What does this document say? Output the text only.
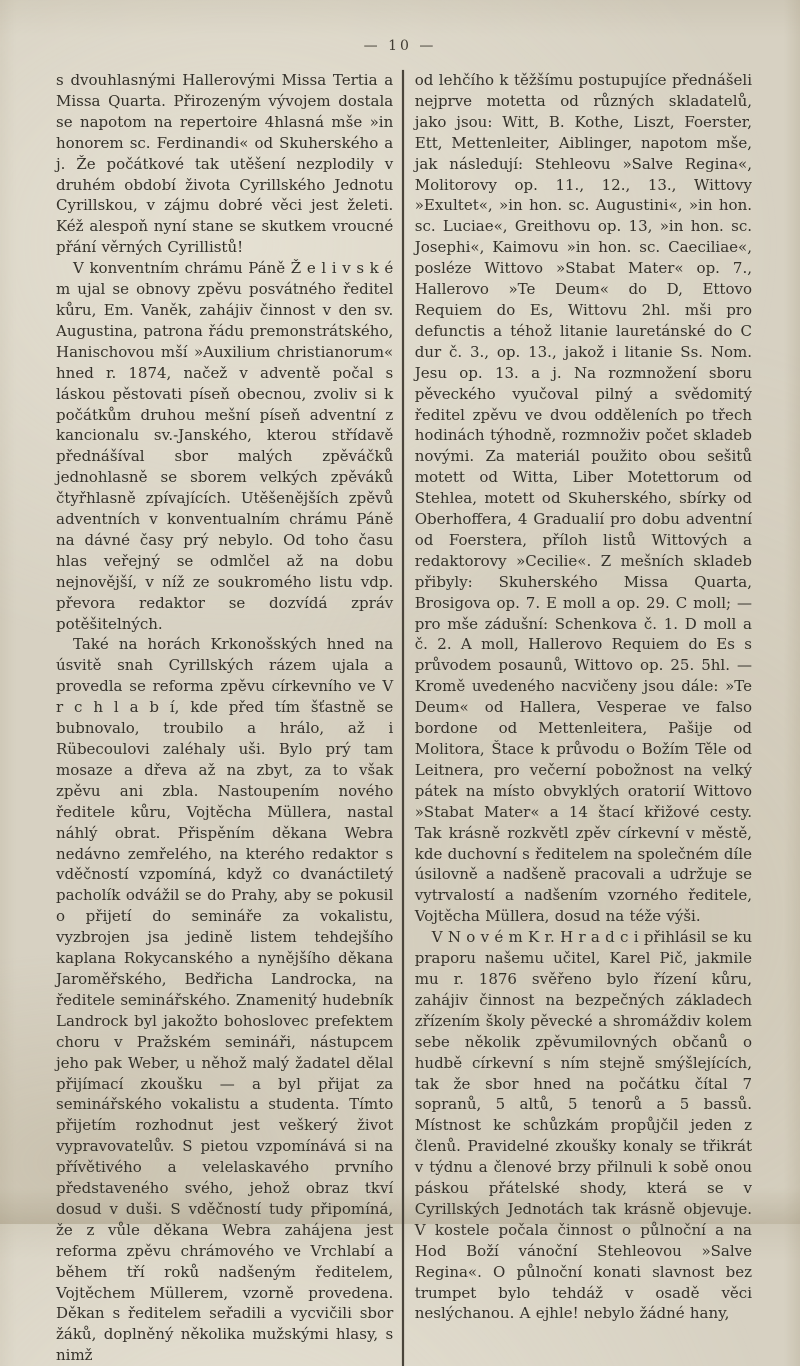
— 10 —

s dvouhlasnými Hallerovými Missa Tertia a Missa Quarta. Přirozeným vývojem dostala se napotom na repertoire 4hlasná mše »in honorem sc. Ferdinandi« od Skuherského a j. Že počátkové tak utěšení nezplodily v druhém období života Cyrillského Jednotu Cyrillskou, v zájmu dobré věci jest želeti. Kéž alespoň nyní stane se skutkem vroucné přání věrných Cyrillistů!

V konventním chrámu Páně Ž e l i v s k é m ujal se obnovy zpěvu posvátného ředitel kůru, Em. Vaněk, zahájiv činnost v den sv. Augustina, patrona řádu premonstrátského, Hanischovou mší »Auxilium christianorum« hned r. 1874, načež v adventě počal s láskou pěstovati píseň obecnou, zvoliv si k počátkům druhou mešní píseň adventní z kancionalu sv.-Janského, kterou střídavě přednášíval sbor malých zpěváčků jednohlasně se sborem velkých zpěváků čtyřhlasně zpívajících. Utěšenějších zpěvů adventních v konventualním chrámu Páně na dávné časy prý nebylo. Od toho času hlas veřejný se odmlčel až na dobu nejnovější, v níž ze soukromého listu vdp. převora redaktor se dozvídá zpráv potěšitelných.

Také na horách Krkonošských hned na úsvitě snah Cyrillských rázem ujala a provedla se reforma zpěvu církevního ve V r c h l a b í, kde před tím šťastně se bubnovalo, troubilo a hrálo, až i Rübecoulovi zaléhaly uši. Bylo prý tam mosaze a dřeva až na zbyt, za to však zpěvu ani zbla. Nastoupením nového ředitele kůru, Vojtěcha Müllera, nastal náhlý obrat. Přispěním děkana Webra nedávno zemřelého, na kterého redaktor s vděčností vzpomíná, když co dvanáctiletý pacholík odvážil se do Prahy, aby se pokusil o přijetí do semináře za vokalistu, vyzbrojen jsa jedině listem tehdejšího kaplana Rokycanského a nynějšího děkana Jaroměřského, Bedřicha Landrocka, na ředitele seminářského. Znamenitý hudebník Landrock byl jakožto bohoslovec prefektem choru v Pražském semináři, nástupcem jeho pak Weber, u něhož malý žadatel dělal přijímací zkoušku — a byl přijat za seminářského vokalistu a studenta. Tímto přijetím rozhodnut jest veškerý život vypravovatelův. S pietou vzpomínává si na přívětivého a velelaskavého prvního představeného svého, jehož obraz tkví dosud v duši. S vděčností tudy připomíná, že z vůle děkana Webra zahájena jest reforma zpěvu chrámového ve Vrchlabí a během tří roků nadšeným ředitelem, Vojtěchem Müllerem, vzorně provedena. Děkan s ředitelem seřadili a vycvičili sbor žáků, doplněný několika mužskými hlasy, s nimž

od lehčího k těžšímu postupujíce přednášeli nejprve motetta od různých skladatelů, jako jsou: Witt, B. Kothe, Liszt, Foerster, Ett, Mettenleiter, Aiblinger, napotom mše, jak následují: Stehleovu »Salve Regina«, Molitorovy op. 11., 12., 13., Wittovy »Exultet«, »in hon. sc. Augustini«, »in hon. sc. Luciae«, Greithovu op. 13, »in hon. sc. Josephi«, Kaimovu »in hon. sc. Caeciliae«, posléze Wittovo »Stabat Mater« op. 7., Hallerovo »Te Deum« do D, Ettovo Requiem do Es, Wittovu 2hl. mši pro defunctis a téhož litanie lauretánské do C dur č. 3., op. 13., jakož i litanie Ss. Nom. Jesu op. 13. a j. Na rozmnožení sboru pěveckého vyučoval pilný a svědomitý ředitel zpěvu ve dvou odděleních po třech hodinách týhodně, rozmnoživ počet skladeb novými. Za materiál použito obou sešitů motett od Witta, Liber Motettorum od Stehlea, motett od Skuherského, sbírky od Oberhoffera, 4 Gradualií pro dobu adventní od Foerstera, příloh listů Wittových a redaktorovy »Cecilie«. Z mešních skladeb přibyly: Skuherského Missa Quarta, Brosigova op. 7. E moll a op. 29. C moll; — pro mše zádušní: Schenkova č. 1. D moll a č. 2. A moll, Hallerovo Requiem do Es s průvodem posaunů, Wittovo op. 25. 5hl. — Kromě uvedeného nacvičeny jsou dále: »Te Deum« od Hallera, Vesperae ve falso bordone od Mettenleitera, Pašije od Molitora, Štace k průvodu o Božím Těle od Leitnera, pro večerní pobožnost na velký pátek na místo obvyklých oratorií Wittovo »Stabat Mater« a 14 štací křižové cesty. Tak krásně rozkvětl zpěv církevní v městě, kde duchovní s ředitelem na společném díle úsilovně a nadšeně pracovali a udržuje se vytrvalostí a nadšením vzorného ředitele, Vojtěcha Müllera, dosud na téže výši.

V N o v é m K r. H r a d c i přihlásil se ku praporu našemu učitel, Karel Pič, jakmile mu r. 1876 svěřeno bylo řízení kůru, zahájiv činnost na bezpečných základech zřízením školy pěvecké a shromáždiv kolem sebe několik zpěvumilovných občanů o hudbě církevní s ním stejně smýšlejících, tak že sbor hned na počátku čítal 7 sopranů, 5 altů, 5 tenorů a 5 bassů. Místnost ke schůzkám propůjčil jeden z členů. Pravidelné zkoušky konaly se třikrát v týdnu a členové brzy přilnuli k sobě onou páskou přátelské shody, která se v Cyrillských Jednotách tak krásně objevuje. V kostele počala činnost o půlnoční a na Hod Boží vánoční Stehleovou »Salve Regina«. O půlnoční konati slavnost bez trumpet bylo tehdáž v osadě věci neslýchanou. A ejhle! nebylo žádné hany,
